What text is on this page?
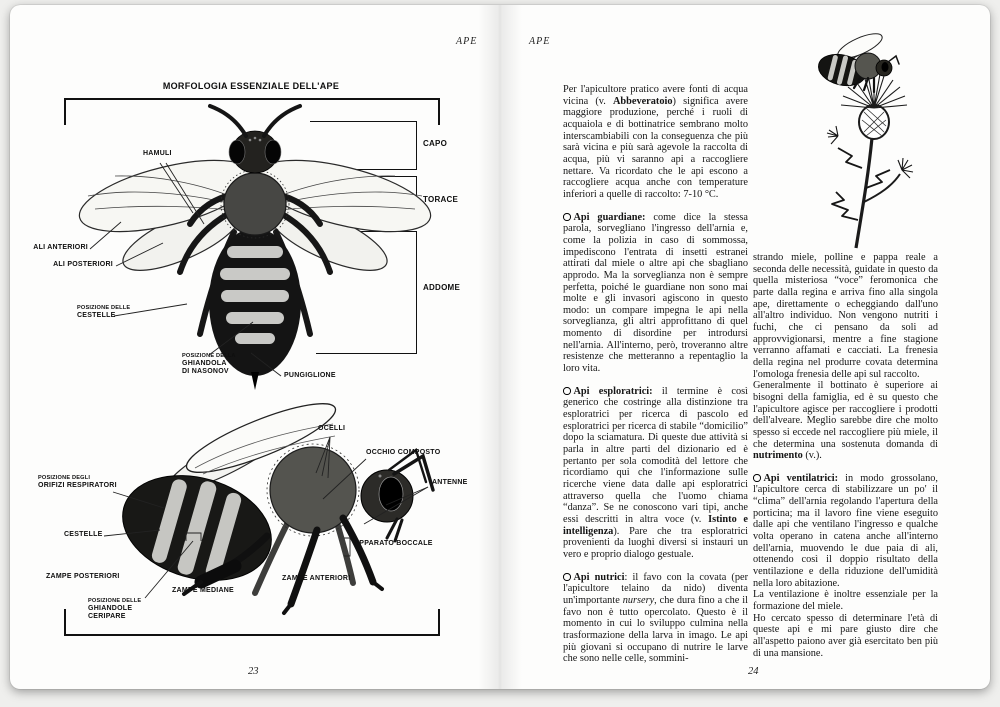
APE	APE
MORFOLOGIA ESSENZIALE DELL'APE
CAPO
TORACE
ADDOME
HAMULI
ALI ANTERIORI
ALI POSTERIORI
POSIZIONE DELLE
CESTELLE
POSIZIONE DELLA
GHIANDOLA
DI NASONOV
PUNGIGLIONE
OCELLI
OCCHIO COMPOSTO
ANTENNE
POSIZIONE DEGLI
ORIFIZI RESPIRATORI
CESTELLE
APPARATO BOCCALE
ZAMPE POSTERIORI
ZAMPE MEDIANE
ZAMPE ANTERIORI
POSIZIONE DELLE
GHIANDOLE
CERIPARE
23

Per l'apicultore pratico avere fonti di acqua vicina (v. Abbeveratoio) significa avere maggiore produzione, perché i ruoli di acquaiola e di bottinatrice sembrano molto interscambiabili con la conseguenza che più sarà vicina e più sarà agevole la raccolta di acqua, più vi saranno api a raccogliere nettare. Va ricordato che le api escono a raccogliere acqua anche con temperature inferiori a quelle di raccolto: 7-10 °C.

Api guardiane: come dice la stessa parola, sorvegliano l'ingresso dell'arnia e, come la polizia in caso di sommossa, impediscono l'entrata di insetti estranei attirati dal miele o altre api che sbagliano approdo. Ma la sorveglianza non è sempre perfetta, poiché le guardiane non sono mai molte e gli invasori agiscono in questo modo: un compare impegna le api nella sorveglianza, gli altri approfittano di quel momento di disordine per introdursi nell'arnia. All'interno, però, troveranno altre resistenze che metteranno a repentaglio la loro vita.

Api esploratrici: il termine è così generico che costringe alla distinzione tra esploratrici per ricerca di pascolo ed esploratrici per ricerca di stabile “domicilio” dopo la sciamatura. Di queste due attività si parla in altre parti del dizionario ed è pertanto per sola comodità del lettore che ricordiamo qui che l'informazione sulle ricerche viene data dalle api esploratrici attraverso quella che l'uomo chiama “danza”. Se ne conoscono vari tipi, anche essi descritti in altra voce (v. Istinto e intelligenza). Pare che tra esploratrici provenienti da luoghi diversi si instauri un vero e proprio dialogo gestuale.

Api nutrici: il favo con la covata (per l'apicultore telaino da nido) diventa un'importante nursery, che dura fino a che il favo non è tutto opercolato. Questo è il momento in cui lo sviluppo culmina nella trasformazione della larva in imago. Le api più giovani si occupano di nutrire le larve che sono nelle celle, sommini-

strando miele, polline e pappa reale a seconda delle necessità, guidate in questo da quella misteriosa “voce” feromonica che parte dalla regina e arriva fino alla singola ape, direttamente o echeggiando dall'uno all'altro individuo. Non vengono nutriti i fuchi, che ci pensano da soli ad approvvigionarsi, mentre a fine stagione verranno affamati e cacciati. La frenesia della regina nel produrre covata determina l'omologa frenesia delle api sul raccolto.

Generalmente il bottinato è superiore ai bisogni della famiglia, ed è su questo che l'apicultore agisce per raccogliere i prodotti dell'alveare. Meglio sarebbe dire che molto spesso si eccede nel raccogliere più miele, il che determina una sostenuta domanda di nutrimento (v.).

Api ventilatrici: in modo grossolano, l'apicultore cerca di stabilizzare un po' il “clima” dell'arnia regolando l'apertura della porticina; ma il lavoro fine viene eseguito dalle api che ventilano l'ingresso e qualche volta operano in catena anche all'interno dell'arnia, muovendo le due paia di ali, ottenendo così il doppio risultato della ventilazione e della riduzione dell'umidità nella loro abitazione.

La ventilazione è inoltre essenziale per la formazione del miele.

Ho cercato spesso di determinare l'età di queste api e mi pare giusto dire che all'aspetto paiono aver già esercitato ben più di una mansione.

24
